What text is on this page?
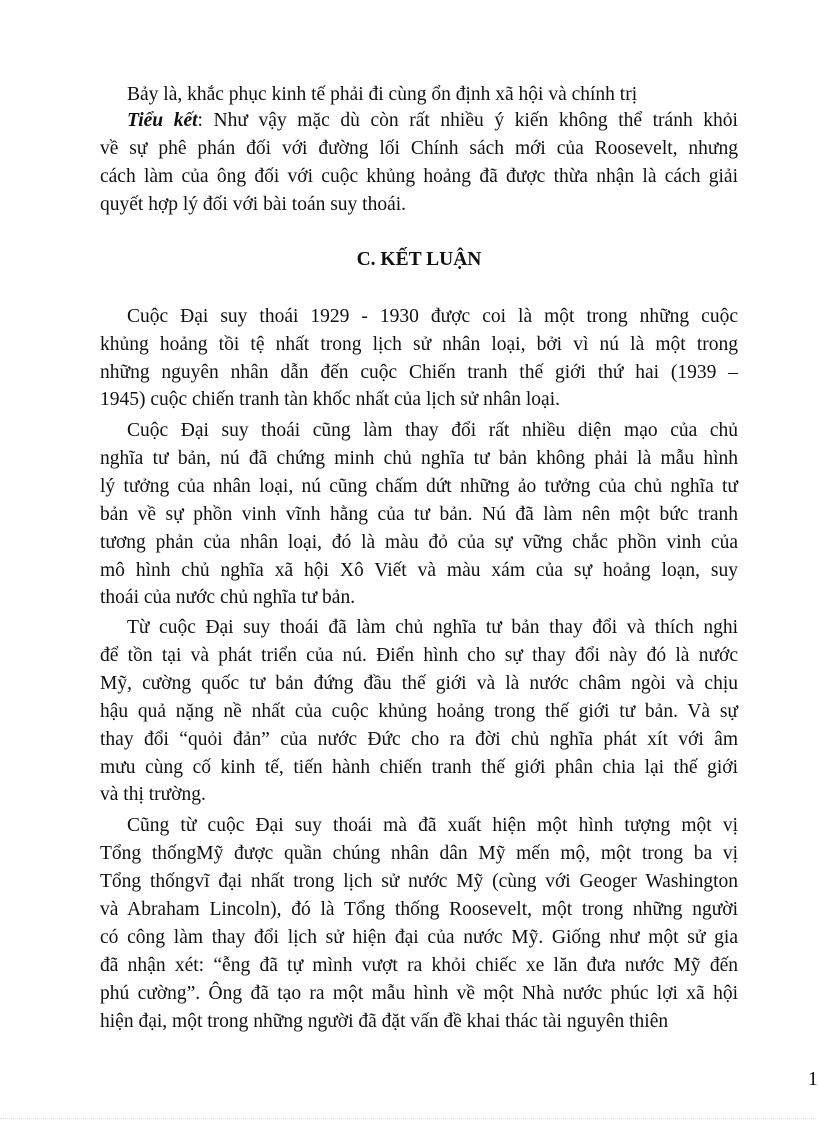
Bảy là, khắc phục kinh tế phải đi cùng ổn định xã hội và chính trị
Tiểu kết: Như vậy mặc dù còn rất nhiều ý kiến không thể tránh khỏi
về sự phê phán đối với đường lối Chính sách mới của Roosevelt, nhưng
cách làm của ông đối với cuộc khủng hoảng đã được thừa nhận là cách giải
quyết hợp lý đối với bài toán suy thoái.
C. KẾT LUẬN
Cuộc Đại suy thoái 1929 - 1930 được coi là một trong những cuộc
khủng hoảng tồi tệ nhất trong lịch sử nhân loại, bởi vì nú là một trong
những nguyên nhân dẫn đến cuộc Chiến tranh thế giới thứ hai (1939 –
1945) cuộc chiến tranh tàn khốc nhất của lịch sử nhân loại.
Cuộc Đại suy thoái cũng làm thay đổi rất nhiều diện mạo của chủ
nghĩa tư bản, nú đã chứng minh chủ nghĩa tư bản không phải là mẫu hình
lý tưởng của nhân loại, nú cũng chấm dứt những ảo tưởng của chủ nghĩa tư
bản về sự phồn vinh vĩnh hằng của tư bản. Nú đã làm nên một bức tranh
tương phản của nhân loại, đó là màu đỏ của sự vững chắc phồn vinh của
mô hình chủ nghĩa xã hội Xô Viết và màu xám của sự hoảng loạn, suy
thoái của nước chủ nghĩa tư bản.
Từ cuộc Đại suy thoái đã làm chủ nghĩa tư bản thay đổi và thích nghi
để tồn tại và phát triển của nú. Điển hình cho sự thay đổi này đó là nước
Mỹ, cường quốc tư bản đứng đầu thế giới và là nước châm ngòi và chịu
hậu quả nặng nề nhất của cuộc khủng hoảng trong thế giới tư bản. Và sự
thay đổi “quỏi đản” của nước Đức cho ra đời chủ nghĩa phát xít với âm
mưu cùng cố kinh tế, tiến hành chiến tranh thế giới phân chia lại thế giới
và thị trường.
Cũng từ cuộc Đại suy thoái mà đã xuất hiện một hình tượng một vị
Tổng thốngMỹ được quần chúng nhân dân Mỹ mến mộ, một trong ba vị
Tổng thốngvĩ đại nhất trong lịch sử nước Mỹ (cùng với Geoger Washington
và Abraham Lincoln), đó là Tổng thống Roosevelt, một trong những người
có công làm thay đổi lịch sử hiện đại của nước Mỹ. Giống như một sử gia
đã nhận xét: “ễng đã tự mình vượt ra khỏi chiếc xe lăn đưa nước Mỹ đến
phú cường”. Ông đã tạo ra một mẫu hình về một Nhà nước phúc lợi xã hội
hiện đại, một trong những người đã đặt vấn đề khai thác tài nguyên thiên
1
